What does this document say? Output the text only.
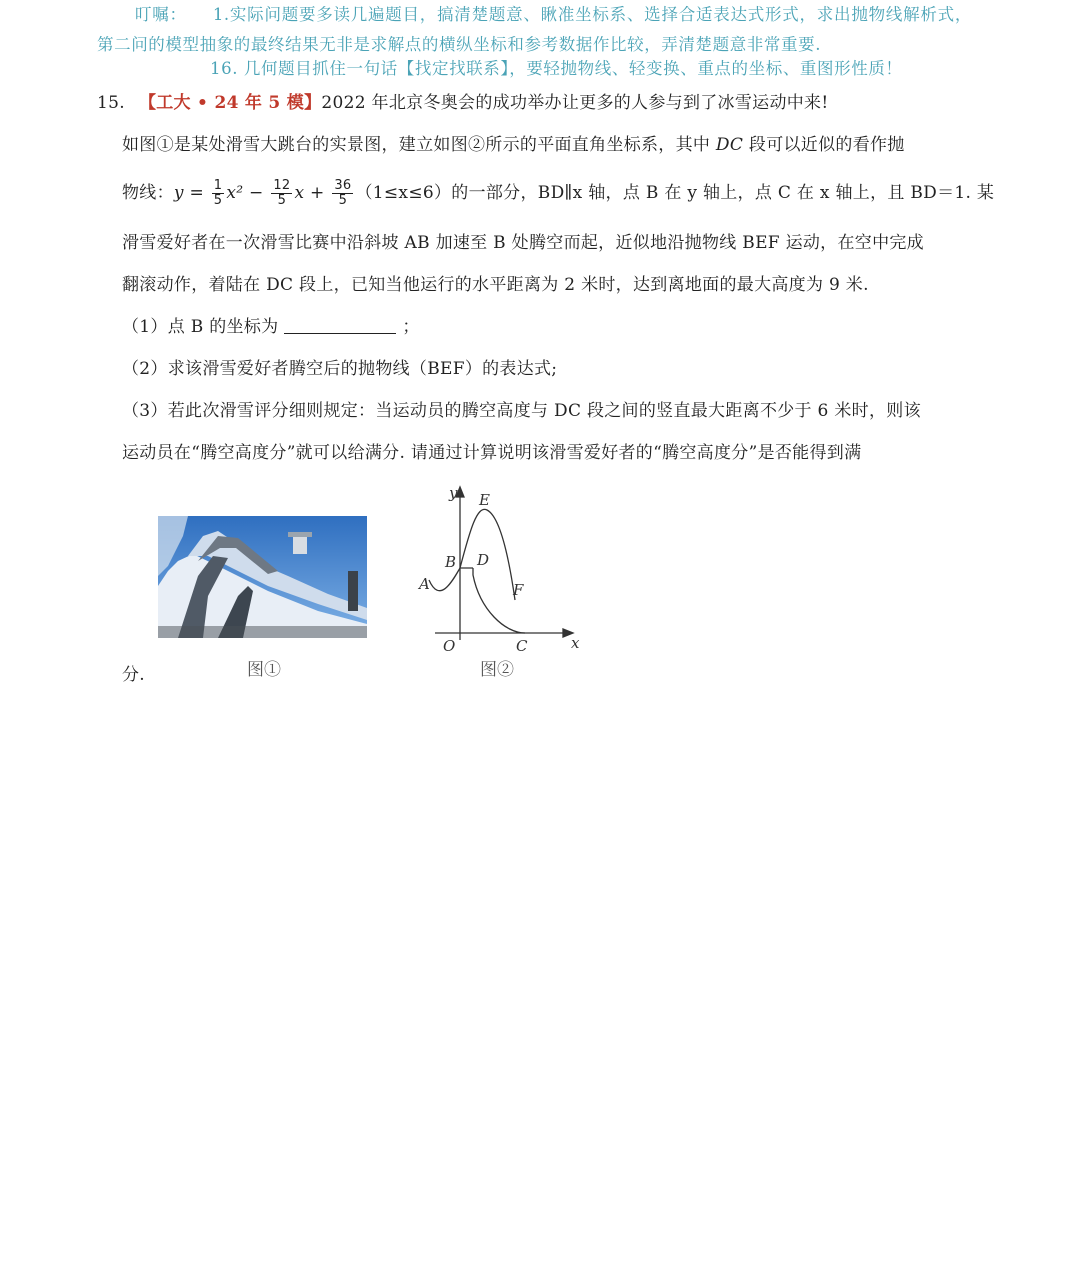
叮嘱： 1.实际问题要多读几遍题目，搞清楚题意、瞅准坐标系、选择合适表达式形式，求出抛物线解析式，第二问的模型抽象的最终结果无非是求解点的横纵坐标和参考数据作比较，弄清楚题意非常重要.
16. 几何题目抓住一句话【找定找联系】，要轻抛物线、轻变换、重点的坐标、重图形性质！
15. 【工大 • 24 年 5 模】2022 年北京冬奥会的成功举办让更多的人参与到了冰雪运动中来!
如图①是某处滑雪大跳台的实景图，建立如图②所示的平面直角坐标系，其中 DC 段可以近似的看作抛
物线：$y = \frac{1}{5} x^2 - \frac{12}{5}$ $x + \frac{36}{5} (1\le x\le 6)$的一部分，BD∥x 轴，点 B 在 y 轴上，点 C 在 x 轴上，且 BD＝1. 某
滑雪爱好者在一次滑雪比赛中沿斜坡 AB 加速至 B 处腾空而起，近似地沿抛物线 BEF 运动，在空中完成
翻滚动作，着陆在 DC 段上，已知当他运行的水平距离为 2 米时，达到离地面的最大高度为 9 米.
（1）点 B 的坐标为	；
（2）求该滑雪爱好者腾空后的抛物线（BEF）的表达式;
（3）若此次滑雪评分细则规定：当运动员的腾空高度与 DC 段之间的竖直最大距离不少于 6 米时，则该
运动员在“腾空高度分”就可以给满分. 请通过计算说明该滑雪爱好者的“腾空高度分”是否能得到满
分.	图①
y E
B D
A	F
O	C	x
图②
